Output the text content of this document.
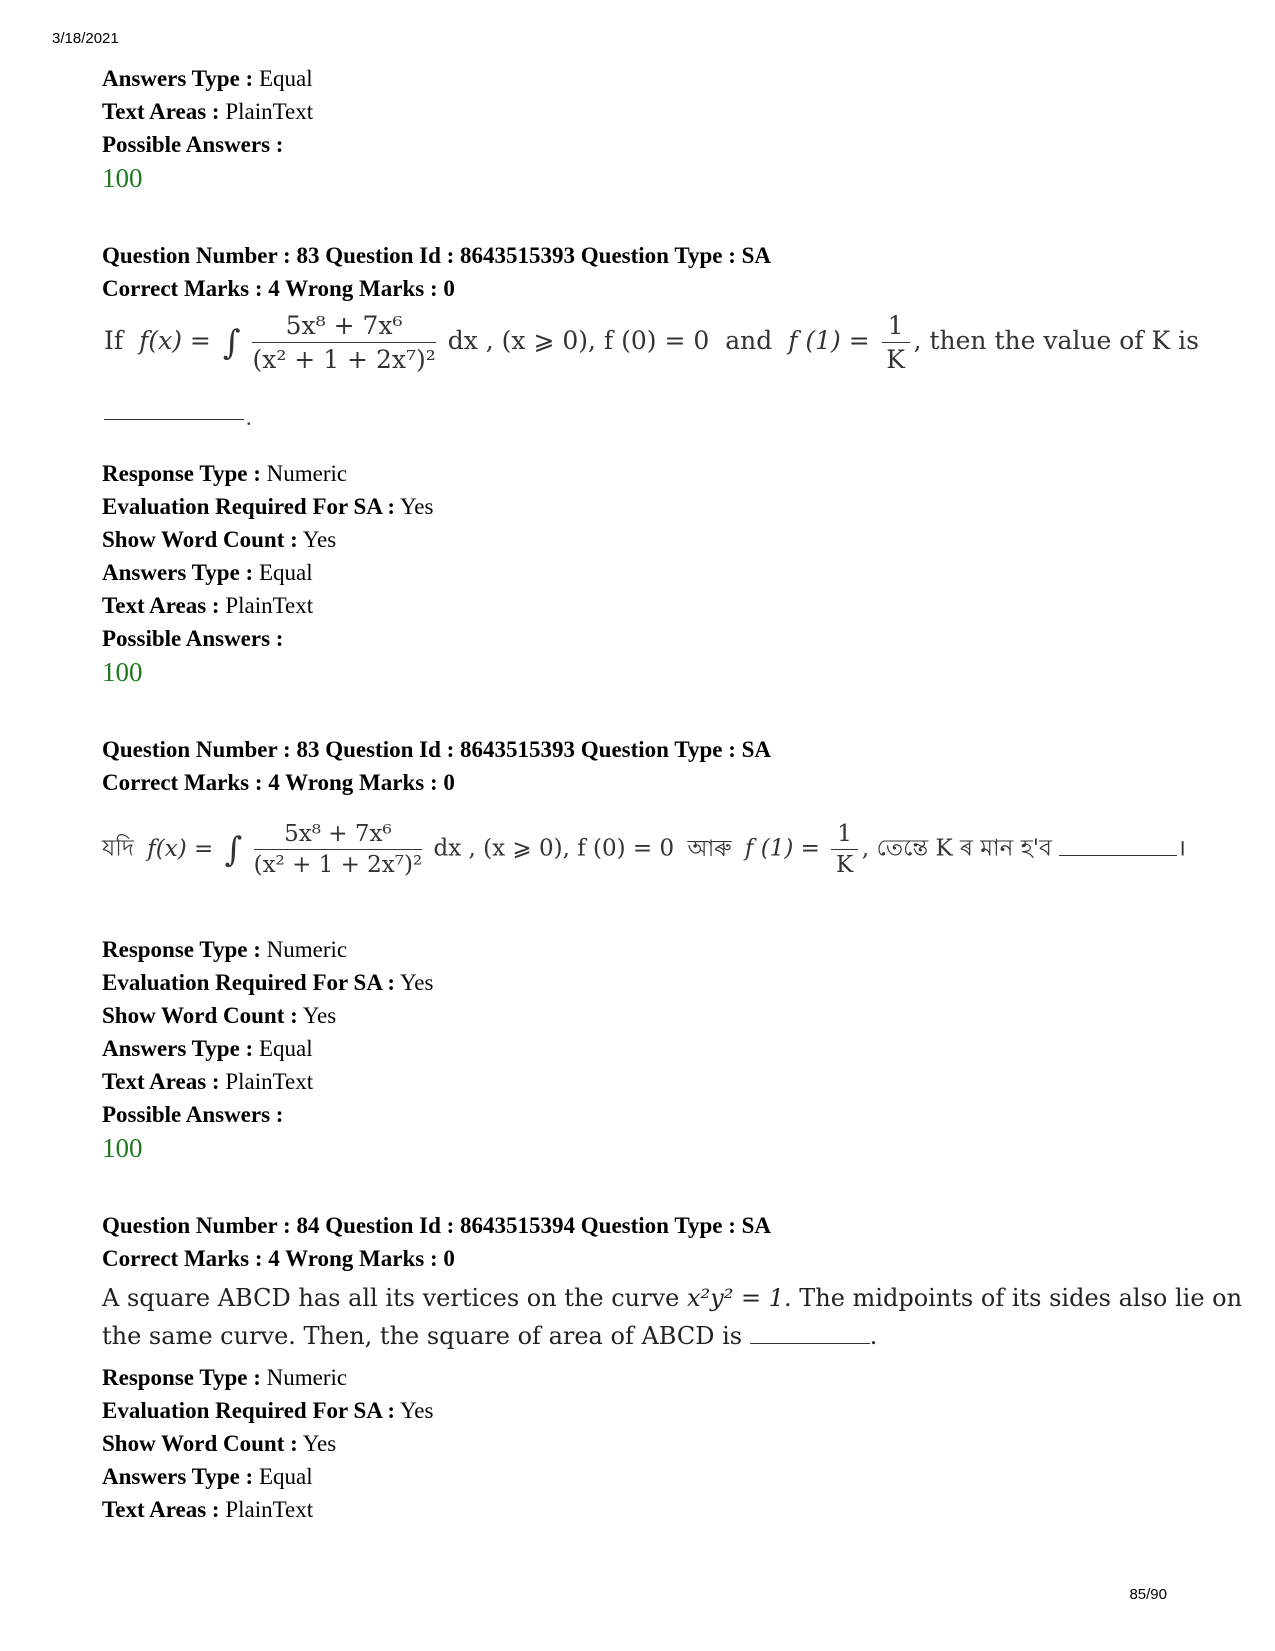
3/18/2021
Answers Type : Equal
Text Areas : PlainText
Possible Answers :
100
Question Number : 83 Question Id : 8643515393 Question Type : SA
Correct Marks : 4 Wrong Marks : 0
If f(x) = ∫ $\frac{\text{5x⁸ + 7x⁶}}{\text{(x² + 1 + 2x⁷)²}}$ dx , (x ⩾ 0), f (0) = 0 and f $(1) = \frac{1}{K}$ , then the value of K is
.
Response Type : Numeric
Evaluation Required For SA : Yes
Show Word Count : Yes
Answers Type : Equal
Text Areas : PlainText
Possible Answers :
100
Question Number : 83 Question Id : 8643515393 Question Type : SA
Correct Marks : 4 Wrong Marks : 0
যদি f(x) = ∫ $\frac{\text{5x⁸ + 7x⁶}}{\text{(x² + 1 + 2x⁷)²}}$ dx , (x ⩾ 0), f (0) = 0 আৰু f $(1) = \frac{1}{K}$ , তেন্তে K ৰ মান হ'ব	।
Response Type : Numeric
Evaluation Required For SA : Yes
Show Word Count : Yes
Answers Type : Equal
Text Areas : PlainText
Possible Answers :
100
Question Number : 84 Question Id : 8643515394 Question Type : SA
Correct Marks : 4 Wrong Marks : 0
A square ABCD has all its vertices on the curve x²y² = 1. The midpoints of its sides also lie on
the same curve. Then, the square of area of ABCD is	.
Response Type : Numeric
Evaluation Required For SA : Yes
Show Word Count : Yes
Answers Type : Equal
Text Areas : PlainText
85/90
